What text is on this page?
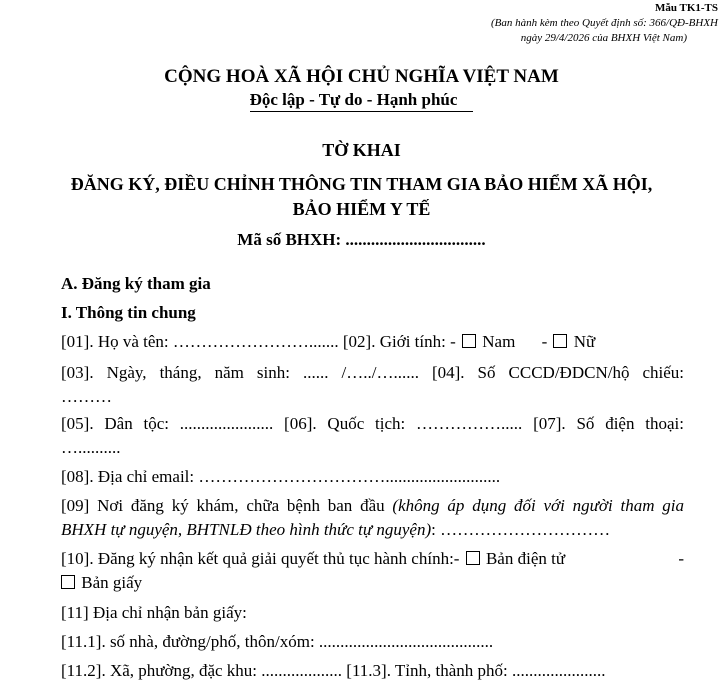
Mẫu TK1-TS
(Ban hành kèm theo Quyết định số: 366/QĐ-BHXH
ngày 29/4/2026 của BHXH Việt Nam)
CỘNG HOÀ XÃ HỘI CHỦ NGHĨA VIỆT NAM
Độc lập - Tự do - Hạnh phúc
TỜ KHAI
ĐĂNG KÝ, ĐIỀU CHỈNH THÔNG TIN THAM GIA BẢO HIỂM XÃ HỘI,
BẢO HIỂM Y TẾ
Mã số BHXH: .................................
A. Đăng ký tham gia
I. Thông tin chung
[01]. Họ và tên: ……………………....... [02]. Giới tính: - Nam - Nữ
[03]. Ngày, tháng, năm sinh: ...... /…../…...... [04]. Số CCCD/ĐDCN/hộ chiếu:
………
[05]. Dân tộc: ...................... [06]. Quốc tịch: ……………..... [07]. Số điện thoại:
…..........
[08]. Địa chỉ email: ……………………………...........................
[09] Nơi đăng ký khám, chữa bệnh ban đầu (không áp dụng đối với người tham gia
BHXH tự nguyện, BHTNLĐ theo hình thức tự nguyện): …………………………
[10]. Đăng ký nhận kết quả giải quyết thủ tục hành chính:- Bản điện tử	-
Bản giấy
[11] Địa chỉ nhận bản giấy:
[11.1]. số nhà, đường/phố, thôn/xóm: .........................................
[11.2]. Xã, phường, đặc khu: ................... [11.3]. Tỉnh, thành phố: ......................
